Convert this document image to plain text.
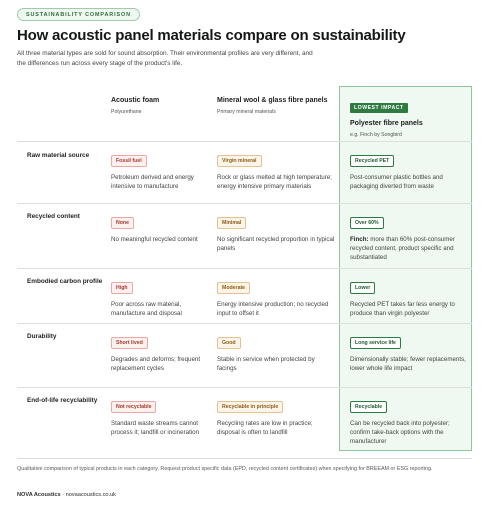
SUSTAINABILITY COMPARISON
How acoustic panel materials compare on sustainability

All three material types are sold for sound absorption. Their environmental profiles are very different, and the differences run across every stage of the product's life.

Acoustic foam
Polyurethane
Mineral wool & glass fibre panels
Primary mineral materials
LOWEST IMPACT
Polyester fibre panels
e.g. Finch by Songbird
Raw material source
Fossil fuel
Petroleum derived and energy intensive to manufacture
Virgin mineral
Rock or glass melted at high temperature; energy intensive primary materials
Recycled PET
Post-consumer plastic bottles and packaging diverted from waste
Recycled content
None
No meaningful recycled content
Minimal
No significant recycled proportion in typical panels
Over 60%
Finch: more than 60% post-consumer recycled content, product specific and substantiated
Embodied carbon profile
High
Poor across raw material, manufacture and disposal
Moderate
Energy intensive production; no recycled input to offset it
Lower
Recycled PET takes far less energy to produce than virgin polyester
Durability
Short lived
Degrades and deforms; frequent replacement cycles
Good
Stable in service when protected by facings
Long service life
Dimensionally stable; fewer replacements, lower whole life impact
End-of-life recyclability
Not recyclable
Standard waste streams cannot process it; landfill or incineration
Recyclable in principle
Recycling rates are low in practice; disposal is often to landfill
Recyclable
Can be recycled back into polyester; confirm take-back options with the manufacturer

Qualitative comparison of typical products in each category. Request product specific data (EPD, recycled content certificates) when specifying for BREEAM or ESG reporting.

NOVA Acoustics · novaacoustics.co.uk
